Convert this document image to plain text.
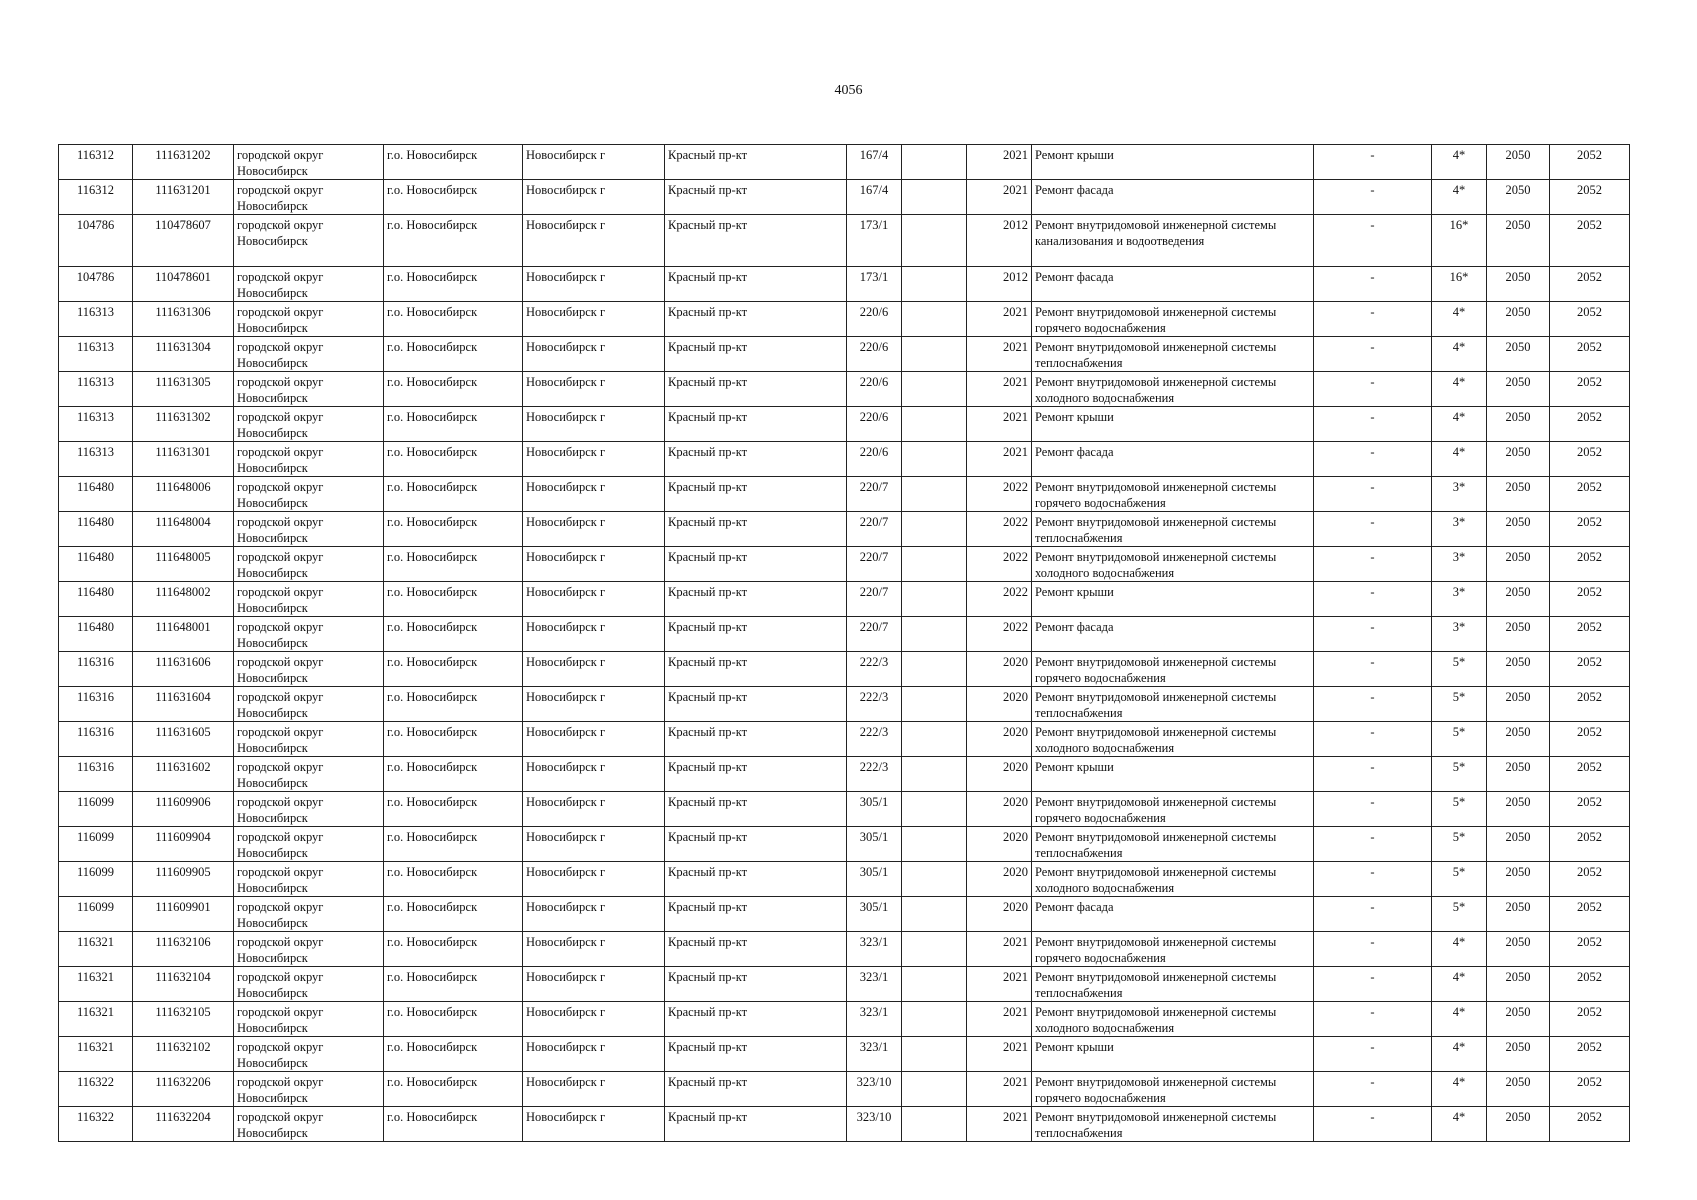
4056
116312	111631202	городской округ Новосибирск	г.о. Новосибирск	Новосибирск г	Красный пр-кт	167/4		2021	Ремонт крыши	-	4*	2050	2052
116312	111631201	городской округ Новосибирск	г.о. Новосибирск	Новосибирск г	Красный пр-кт	167/4		2021	Ремонт фасада	-	4*	2050	2052
104786	110478607	городской округ Новосибирск	г.о. Новосибирск	Новосибирск г	Красный пр-кт	173/1		2012	Ремонт внутридомовой инженерной системы канализования и водоотведения	-	16*	2050	2052
104786	110478601	городской округ Новосибирск	г.о. Новосибирск	Новосибирск г	Красный пр-кт	173/1		2012	Ремонт фасада	-	16*	2050	2052
116313	111631306	городской округ Новосибирск	г.о. Новосибирск	Новосибирск г	Красный пр-кт	220/6		2021	Ремонт внутридомовой инженерной системы горячего водоснабжения	-	4*	2050	2052
116313	111631304	городской округ Новосибирск	г.о. Новосибирск	Новосибирск г	Красный пр-кт	220/6		2021	Ремонт внутридомовой инженерной системы теплоснабжения	-	4*	2050	2052
116313	111631305	городской округ Новосибирск	г.о. Новосибирск	Новосибирск г	Красный пр-кт	220/6		2021	Ремонт внутридомовой инженерной системы холодного водоснабжения	-	4*	2050	2052
116313	111631302	городской округ Новосибирск	г.о. Новосибирск	Новосибирск г	Красный пр-кт	220/6		2021	Ремонт крыши	-	4*	2050	2052
116313	111631301	городской округ Новосибирск	г.о. Новосибирск	Новосибирск г	Красный пр-кт	220/6		2021	Ремонт фасада	-	4*	2050	2052
116480	111648006	городской округ Новосибирск	г.о. Новосибирск	Новосибирск г	Красный пр-кт	220/7		2022	Ремонт внутридомовой инженерной системы горячего водоснабжения	-	3*	2050	2052
116480	111648004	городской округ Новосибирск	г.о. Новосибирск	Новосибирск г	Красный пр-кт	220/7		2022	Ремонт внутридомовой инженерной системы теплоснабжения	-	3*	2050	2052
116480	111648005	городской округ Новосибирск	г.о. Новосибирск	Новосибирск г	Красный пр-кт	220/7		2022	Ремонт внутридомовой инженерной системы холодного водоснабжения	-	3*	2050	2052
116480	111648002	городской округ Новосибирск	г.о. Новосибирск	Новосибирск г	Красный пр-кт	220/7		2022	Ремонт крыши	-	3*	2050	2052
116480	111648001	городской округ Новосибирск	г.о. Новосибирск	Новосибирск г	Красный пр-кт	220/7		2022	Ремонт фасада	-	3*	2050	2052
116316	111631606	городской округ Новосибирск	г.о. Новосибирск	Новосибирск г	Красный пр-кт	222/3		2020	Ремонт внутридомовой инженерной системы горячего водоснабжения	-	5*	2050	2052
116316	111631604	городской округ Новосибирск	г.о. Новосибирск	Новосибирск г	Красный пр-кт	222/3		2020	Ремонт внутридомовой инженерной системы теплоснабжения	-	5*	2050	2052
116316	111631605	городской округ Новосибирск	г.о. Новосибирск	Новосибирск г	Красный пр-кт	222/3		2020	Ремонт внутридомовой инженерной системы холодного водоснабжения	-	5*	2050	2052
116316	111631602	городской округ Новосибирск	г.о. Новосибирск	Новосибирск г	Красный пр-кт	222/3		2020	Ремонт крыши	-	5*	2050	2052
116099	111609906	городской округ Новосибирск	г.о. Новосибирск	Новосибирск г	Красный пр-кт	305/1		2020	Ремонт внутридомовой инженерной системы горячего водоснабжения	-	5*	2050	2052
116099	111609904	городской округ Новосибирск	г.о. Новосибирск	Новосибирск г	Красный пр-кт	305/1		2020	Ремонт внутридомовой инженерной системы теплоснабжения	-	5*	2050	2052
116099	111609905	городской округ Новосибирск	г.о. Новосибирск	Новосибирск г	Красный пр-кт	305/1		2020	Ремонт внутридомовой инженерной системы холодного водоснабжения	-	5*	2050	2052
116099	111609901	городской округ Новосибирск	г.о. Новосибирск	Новосибирск г	Красный пр-кт	305/1		2020	Ремонт фасада	-	5*	2050	2052
116321	111632106	городской округ Новосибирск	г.о. Новосибирск	Новосибирск г	Красный пр-кт	323/1		2021	Ремонт внутридомовой инженерной системы горячего водоснабжения	-	4*	2050	2052
116321	111632104	городской округ Новосибирск	г.о. Новосибирск	Новосибирск г	Красный пр-кт	323/1		2021	Ремонт внутридомовой инженерной системы теплоснабжения	-	4*	2050	2052
116321	111632105	городской округ Новосибирск	г.о. Новосибирск	Новосибирск г	Красный пр-кт	323/1		2021	Ремонт внутридомовой инженерной системы холодного водоснабжения	-	4*	2050	2052
116321	111632102	городской округ Новосибирск	г.о. Новосибирск	Новосибирск г	Красный пр-кт	323/1		2021	Ремонт крыши	-	4*	2050	2052
116322	111632206	городской округ Новосибирск	г.о. Новосибирск	Новосибирск г	Красный пр-кт	323/10		2021	Ремонт внутридомовой инженерной системы горячего водоснабжения	-	4*	2050	2052
116322	111632204	городской округ Новосибирск	г.о. Новосибирск	Новосибирск г	Красный пр-кт	323/10		2021	Ремонт внутридомовой инженерной системы теплоснабжения	-	4*	2050	2052
